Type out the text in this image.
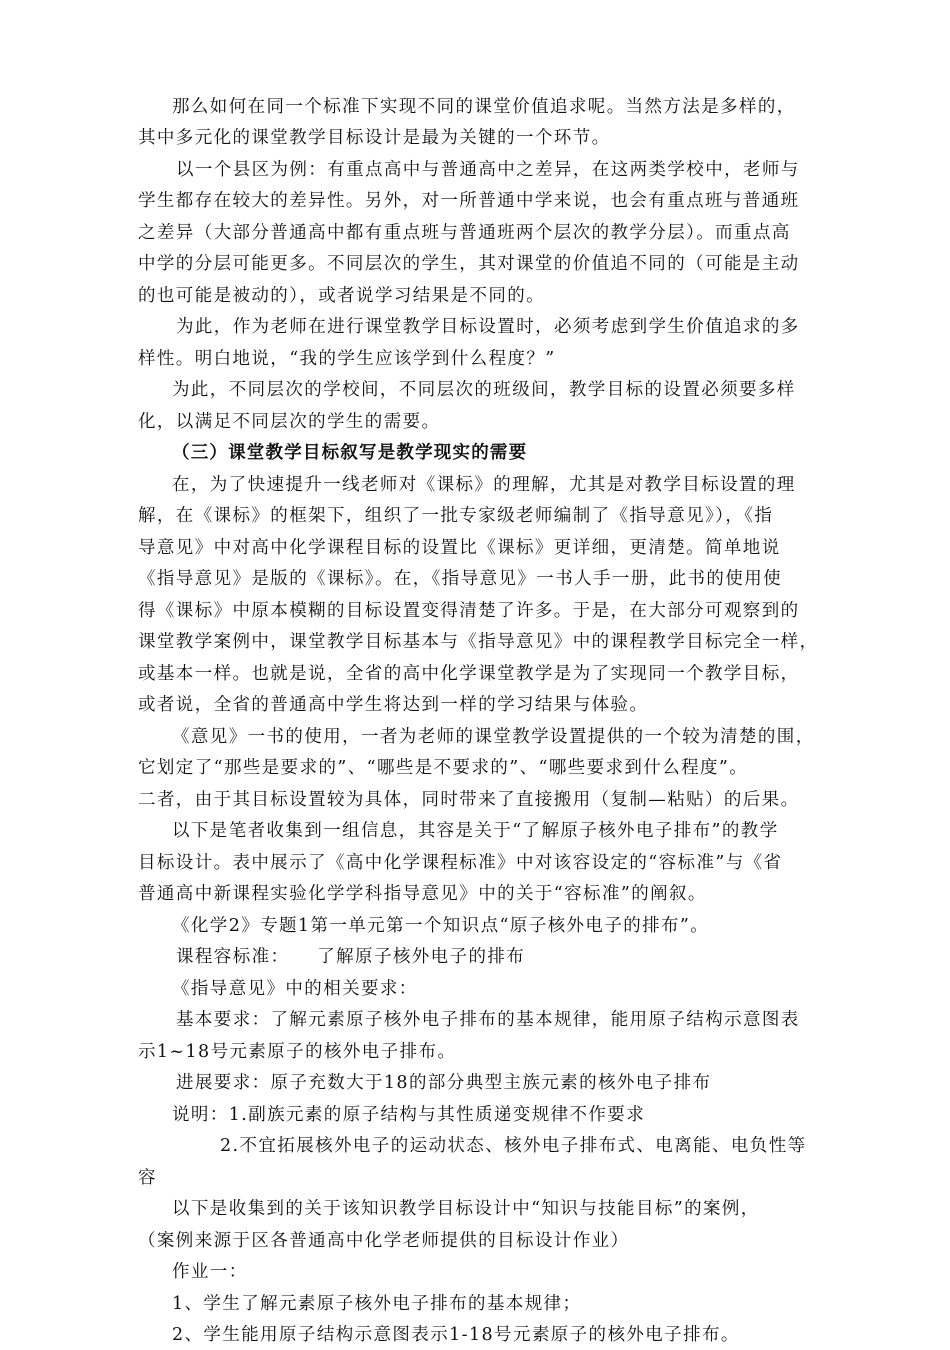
那么如何在同一个标准下实现不同的课堂价值追求呢。当然方法是多样的，
其中多元化的课堂教学目标设计是最为关键的一个环节。
以一个县区为例：有重点高中与普通高中之差异，在这两类学校中，老师与
学生都存在较大的差异性。另外，对一所普通中学来说，也会有重点班与普通班
之差异（大部分普通高中都有重点班与普通班两个层次的教学分层）。而重点高
中学的分层可能更多。不同层次的学生，其对课堂的价值追不同的（可能是主动
的也可能是被动的），或者说学习结果是不同的。
为此，作为老师在进行课堂教学目标设置时，必须考虑到学生价值追求的多
样性。明白地说，“我的学生应该学到什么程度？”
为此，不同层次的学校间，不同层次的班级间，教学目标的设置必须要多样
化，以满足不同层次的学生的需要。
（三）课堂教学目标叙写是教学现实的需要
在，为了快速提升一线老师对《课标》的理解，尤其是对教学目标设置的理
解，在《课标》的框架下，组织了一批专家级老师编制了《指导意见》），《指
导意见》中对高中化学课程目标的设置比《课标》更详细，更清楚。简单地说
《指导意见》是版的《课标》。在，《指导意见》一书人手一册，此书的使用使
得《课标》中原本模糊的目标设置变得清楚了许多。于是，在大部分可观察到的
课堂教学案例中，课堂教学目标基本与《指导意见》中的课程教学目标完全一样，
或基本一样。也就是说，全省的高中化学课堂教学是为了实现同一个教学目标，
或者说，全省的普通高中学生将达到一样的学习结果与体验。
《意见》一书的使用，一者为老师的课堂教学设置提供的一个较为清楚的围，
它划定了“那些是要求的”、“哪些是不要求的”、“哪些要求到什么程度”。
二者，由于其目标设置较为具体，同时带来了直接搬用（复制—粘贴）的后果。
以下是笔者收集到一组信息，其容是关于“了解原子核外电子排布”的教学
目标设计。表中展示了《高中化学课程标准》中对该容设定的“容标准”与《省
普通高中新课程实验化学学科指导意见》中的关于“容标准”的阐叙。
《化学2》专题1第一单元第一个知识点“原子核外电子的排布”。
课程容标准：    了解原子核外电子的排布
《指导意见》中的相关要求：
基本要求：了解元素原子核外电子排布的基本规律，能用原子结构示意图表
示1~18号元素原子的核外电子排布。
进展要求：原子充数大于18的部分典型主族元素的核外电子排布
说明：1.副族元素的原子结构与其性质递变规律不作要求
2.不宜拓展核外电子的运动状态、核外电子排布式、电离能、电负性等
容
以下是收集到的关于该知识教学目标设计中“知识与技能目标”的案例，
（案例来源于区各普通高中化学老师提供的目标设计作业）
作业一：
1、学生了解元素原子核外电子排布的基本规律；
2、学生能用原子结构示意图表示1-18号元素原子的核外电子排布。
